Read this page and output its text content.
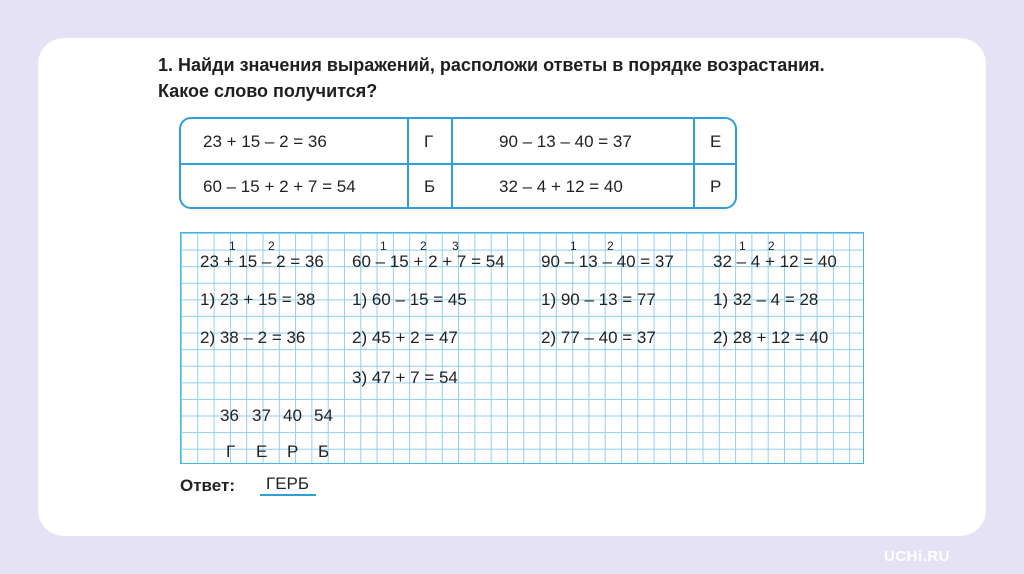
1. Найди значения выражений, расположи ответы в порядке возрастания.
Какое слово получится?
23 + 15 – 2 = 36	Г	90 – 13 – 40 = 37	Е
60 – 15 + 2 + 7 = 54	Б	32 – 4 + 12 = 40	Р
1	2
23 + 15 – 2 = 36
1) 23 + 15 = 38
2) 38 – 2 = 36
1	2 3
60 – 15 + 2 + 7 = 54
1) 60 – 15 = 45
2) 45 + 2 = 47
3) 47 + 7 = 54
1	2
90 – 13 – 40 = 37
1) 90 – 13 = 77
2) 77 – 40 = 37
1 2
32 – 4 + 12 = 40
1) 32 – 4 = 28
2) 28 + 12 = 40
36 37 40 54
Г Е Р Б
Ответ: ГЕРБ
UCHi.RU
